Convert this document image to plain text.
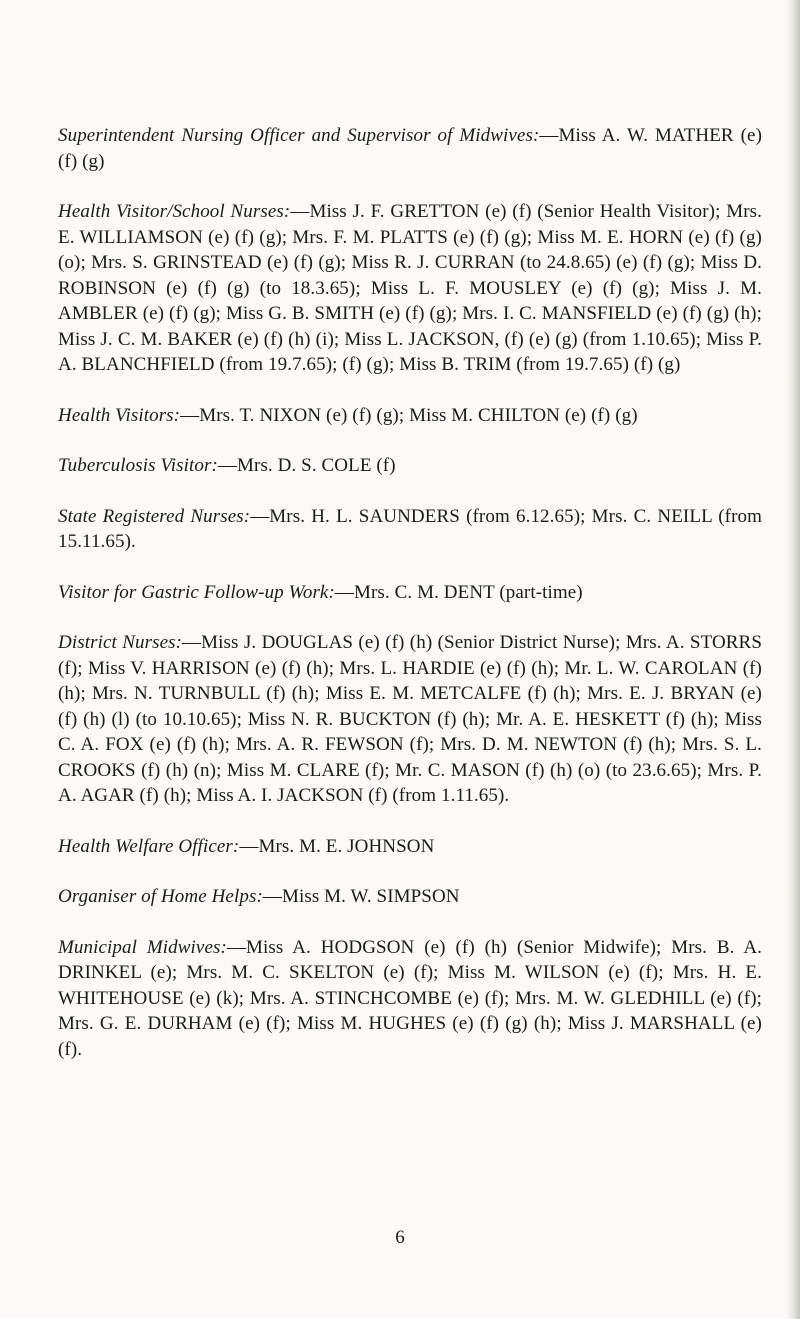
Superintendent Nursing Officer and Supervisor of Midwives:—Miss A. W. MATHER (e) (f) (g)

Health Visitor/School Nurses:—Miss J. F. GRETTON (e) (f) (Senior Health Visitor); Mrs. E. WILLIAMSON (e) (f) (g); Mrs. F. M. PLATTS (e) (f) (g); Miss M. E. HORN (e) (f) (g) (o); Mrs. S. GRINSTEAD (e) (f) (g); Miss R. J. CURRAN (to 24.8.65) (e) (f) (g); Miss D. ROBINSON (e) (f) (g) (to 18.3.65); Miss L. F. MOUSLEY (e) (f) (g); Miss J. M. AMBLER (e) (f) (g); Miss G. B. SMITH (e) (f) (g); Mrs. I. C. MANSFIELD (e) (f) (g) (h); Miss J. C. M. BAKER (e) (f) (h) (i); Miss L. JACKSON, (f) (e) (g) (from 1.10.65); Miss P. A. BLANCHFIELD (from 19.7.65); (f) (g); Miss B. TRIM (from 19.7.65) (f) (g)

Health Visitors:—Mrs. T. NIXON (e) (f) (g); Miss M. CHILTON (e) (f) (g)

Tuberculosis Visitor:—Mrs. D. S. COLE (f)

State Registered Nurses:—Mrs. H. L. SAUNDERS (from 6.12.65); Mrs. C. NEILL (from 15.11.65).

Visitor for Gastric Follow-up Work:—Mrs. C. M. DENT (part-time)

District Nurses:—Miss J. DOUGLAS (e) (f) (h) (Senior District Nurse); Mrs. A. STORRS (f); Miss V. HARRISON (e) (f) (h); Mrs. L. HARDIE (e) (f) (h); Mr. L. W. CAROLAN (f) (h); Mrs. N. TURNBULL (f) (h); Miss E. M. METCALFE (f) (h); Mrs. E. J. BRYAN (e) (f) (h) (l) (to 10.10.65); Miss N. R. BUCKTON (f) (h); Mr. A. E. HESKETT (f) (h); Miss C. A. FOX (e) (f) (h); Mrs. A. R. FEWSON (f); Mrs. D. M. NEWTON (f) (h); Mrs. S. L. CROOKS (f) (h) (n); Miss M. CLARE (f); Mr. C. MASON (f) (h) (o) (to 23.6.65); Mrs. P. A. AGAR (f) (h); Miss A. I. JACKSON (f) (from 1.11.65).

Health Welfare Officer:—Mrs. M. E. JOHNSON

Organiser of Home Helps:—Miss M. W. SIMPSON

Municipal Midwives:—Miss A. HODGSON (e) (f) (h) (Senior Midwife); Mrs. B. A. DRINKEL (e); Mrs. M. C. SKELTON (e) (f); Miss M. WILSON (e) (f); Mrs. H. E. WHITEHOUSE (e) (k); Mrs. A. STINCHCOMBE (e) (f); Mrs. M. W. GLEDHILL (e) (f); Mrs. G. E. DURHAM (e) (f); Miss M. HUGHES (e) (f) (g) (h); Miss J. MARSHALL (e) (f).

6
